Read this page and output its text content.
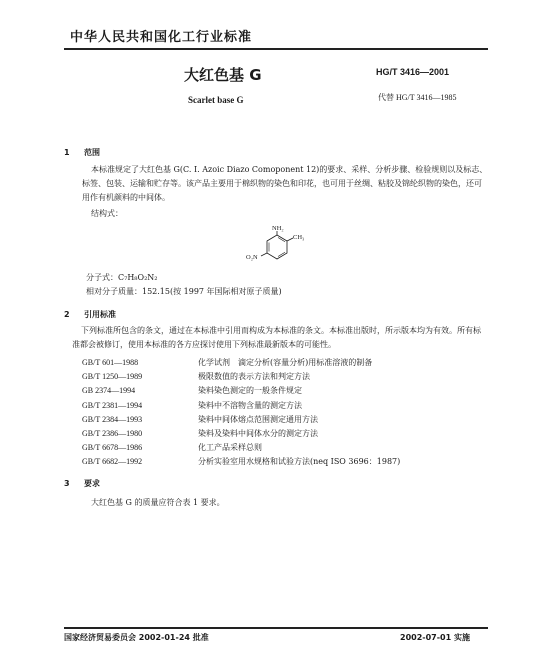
中华人民共和国化工行业标准
大红色基 G	HG/T 3416—2001
Scarlet base G	代替 HG/T 3416—1985
1 范围

本标准规定了大红色基 G(C. I. Azoic Diazo Comoponent 12)的要求、采样、分析步骤、检验规则以及标志、标签、包装、运输和贮存等。该产品主要用于棉织物的染色和印花，也可用于丝绸、粘胶及锦纶织物的染色，还可用作有机颜料的中间体。

结构式：
NH₂
CH₃
O₂N
分子式：C₇H₈O₂N₂
相对分子质量：152.15(按 1997 年国际相对原子质量)
2 引用标准

下列标准所包含的条文，通过在本标准中引用而构成为本标准的条文。本标准出版时，所示版本均为有效。所有标准都会被修订，使用本标准的各方应探讨使用下列标准最新版本的可能性。

GB/T 601—1988	化学试剂　滴定分析(容量分析)用标准溶液的制备
GB/T 1250—1989	极限数值的表示方法和判定方法
GB 2374—1994	染料染色测定的一般条件规定
GB/T 2381—1994	染料中不溶物含量的测定方法
GB/T 2384—1993	染料中间体熔点范围测定通用方法
GB/T 2386—1980	染料及染料中间体水分的测定方法
GB/T 6678—1986	化工产品采样总则
GB/T 6682—1992	分析实验室用水规格和试验方法(neq ISO 3696：1987)
3 要求

大红色基 G 的质量应符合表 1 要求。

国家经济贸易委员会 2002-01-24 批准	2002-07-01 实施
